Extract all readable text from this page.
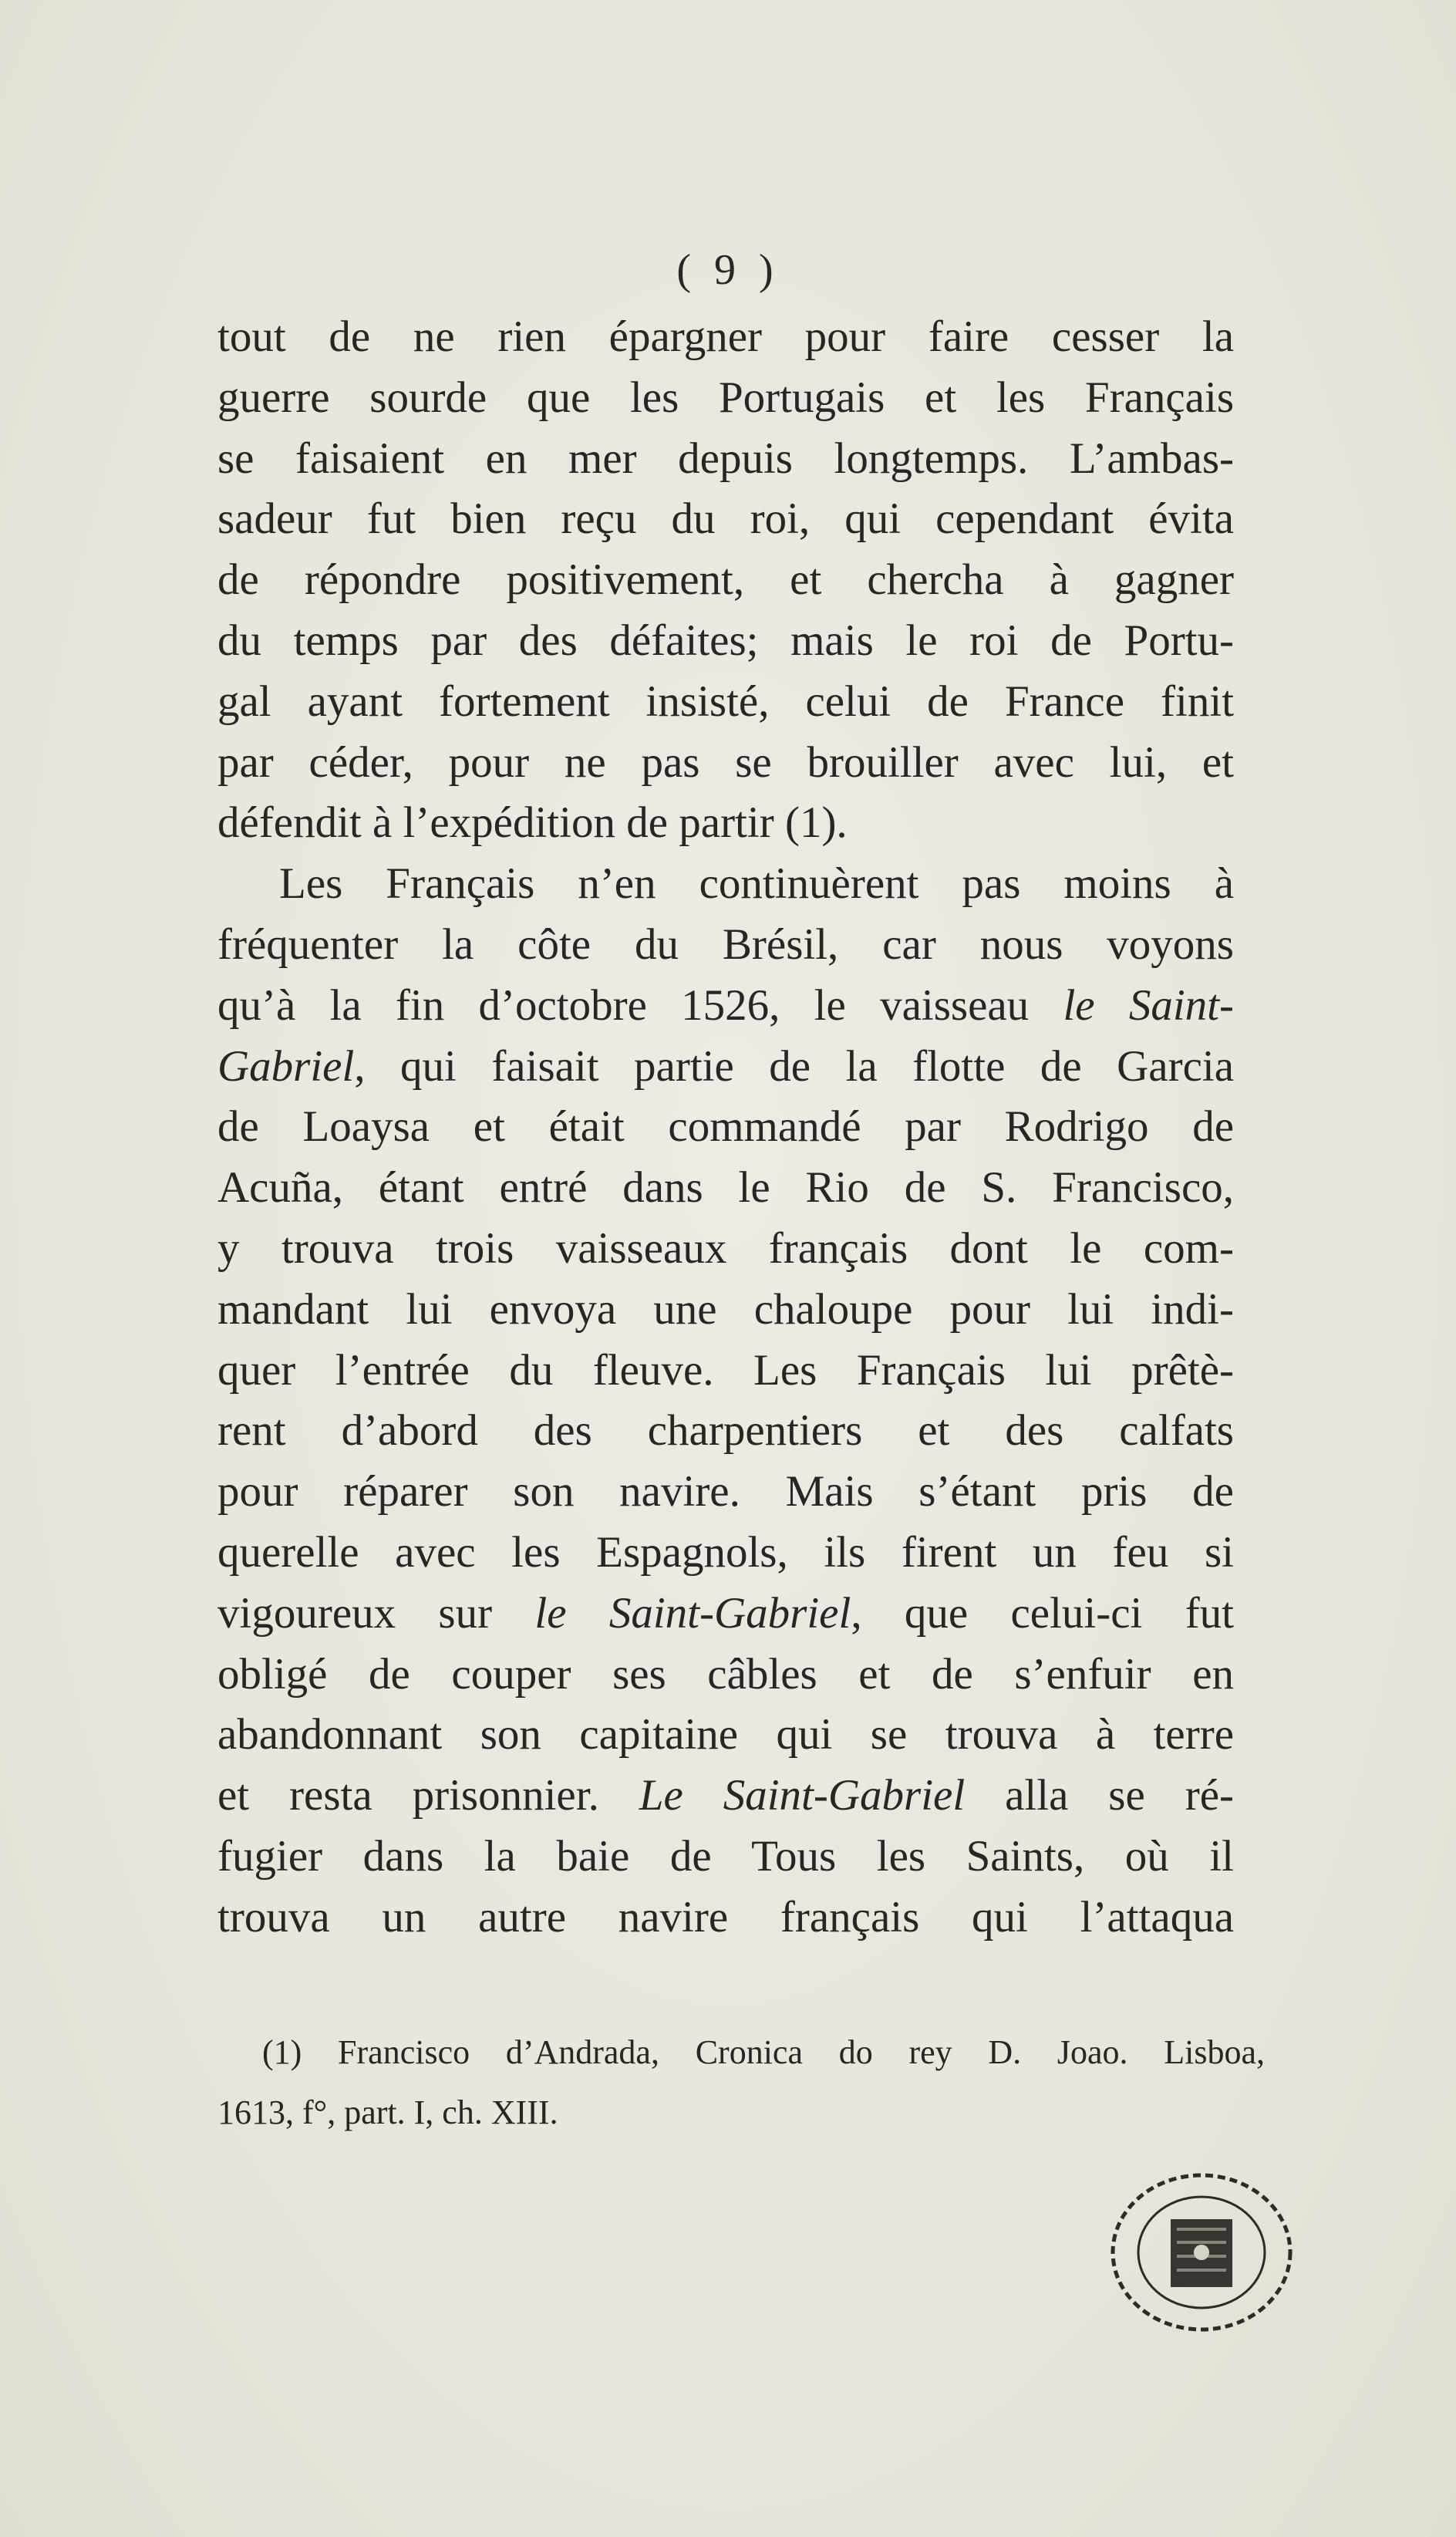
( 9 )
tout de ne rien épargner pour faire cesser la
guerre sourde que les Portugais et les Français
se faisaient en mer depuis longtemps. L’ambas-
sadeur fut bien reçu du roi, qui cependant évita
de répondre positivement, et chercha à gagner
du temps par des défaites; mais le roi de Portu-
gal ayant fortement insisté, celui de France finit
par céder, pour ne pas se brouiller avec lui, et
défendit à l’expédition de partir (1).
Les Français n’en continuèrent pas moins à
fréquenter la côte du Brésil, car nous voyons
qu’à la fin d’octobre 1526, le vaisseau le Saint-
Gabriel, qui faisait partie de la flotte de Garcia
de Loaysa et était commandé par Rodrigo de
Acuña, étant entré dans le Rio de S. Francisco,
y trouva trois vaisseaux français dont le com-
mandant lui envoya une chaloupe pour lui indi-
quer l’entrée du fleuve. Les Français lui prêtè-
rent d’abord des charpentiers et des calfats
pour réparer son navire. Mais s’étant pris de
querelle avec les Espagnols, ils firent un feu si
vigoureux sur le Saint-Gabriel, que celui-ci fut
obligé de couper ses câbles et de s’enfuir en
abandonnant son capitaine qui se trouva à terre
et resta prisonnier. Le Saint-Gabriel alla se ré-
fugier dans la baie de Tous les Saints, où il
trouva un autre navire français qui l’attaqua
(1) Francisco d’Andrada, Cronica do rey D. Joao. Lisboa,
1613, f°, part. I, ch. XIII.
